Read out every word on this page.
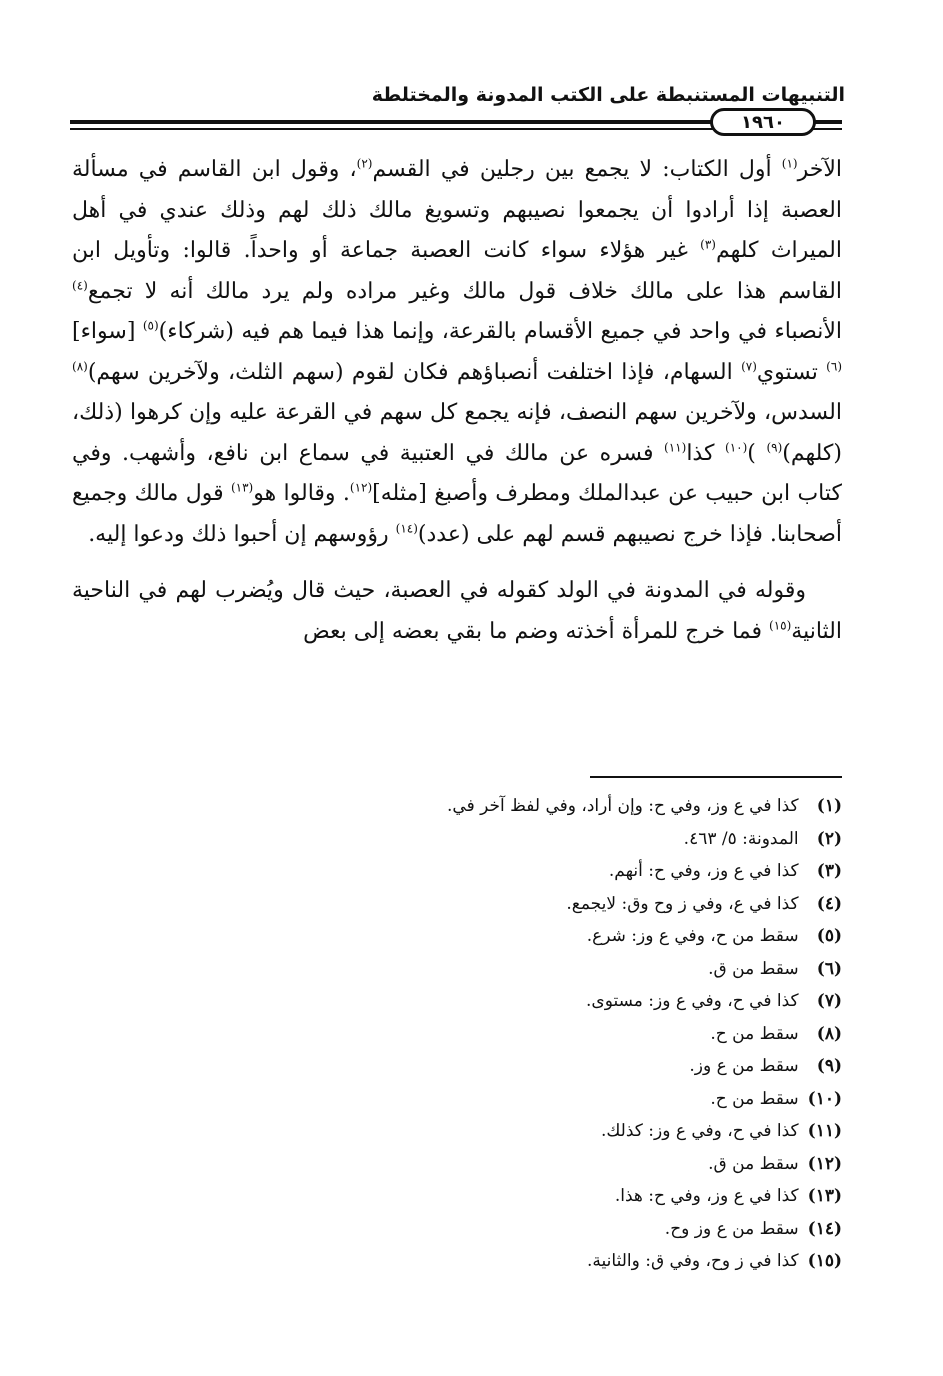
التنبيهات المستنبطة على الكتب المدونة والمختلطة
١٩٦٠

الآخر$^{(١)}$ أول الكتاب: لا يجمع بين رجلين في القسم$^{(٢)}$، وقول ابن القاسم في مسألة العصبة إذا أرادوا أن يجمعوا نصيبهم وتسويغ مالك ذلك لهم وذلك عندي في أهل الميراث كلهم$^{(٣)}$ غير هؤلاء سواء كانت العصبة جماعة أو واحداً. قالوا: وتأويل ابن القاسم هذا على مالك خلاف قول مالك وغير مراده ولم يرد مالك أنه لا تجمع$^{(٤)}$ الأنصباء في واحد في جميع الأقسام بالقرعة، وإنما هذا فيما هم فيه (شركاء)$^{(٥)}$ [سواء]$^{(٦)}$ تستوي$^{(٧)}$ السهام، فإذا اختلفت أنصباؤهم فكان لقوم (سهم الثلث، ولآخرين سهم)$^{(٨)}$ السدس، ولآخرين سهم النصف، فإنه يجمع كل سهم في القرعة عليه وإن كرهوا (ذلك، (كلهم)$^{(٩)}$ )$^{(١٠)}$ كذا$^{(١١)}$ فسره عن مالك في العتبية في سماع ابن نافع، وأشهب. وفي كتاب ابن حبيب عن عبدالملك ومطرف وأصبغ [مثله]$^{(١٢)}$. وقالوا هو$^{(١٣)}$ قول مالك وجميع أصحابنا. فإذا خرج نصيبهم قسم لهم على (عدد)$^{(١٤)}$ رؤوسهم إن أحبوا ذلك ودعوا إليه.

وقوله في المدونة في الولد كقوله في العصبة، حيث قال ويُضرب لهم في الناحية الثانية$^{(١٥)}$ فما خرج للمرأة أخذته وضم ما بقي بعضه إلى بعض

(١) كذا في ع وز، وفي ح: وإن أراد، وفي لفظ آخر في.
(٢) المدونة: ٥/ ٤٦٣.
(٣) كذا في ع وز، وفي ح: أنهم.
(٤) كذا في ع، وفي ز وح وق: لايجمع.
(٥) سقط من ح، وفي ع وز: شرع.
(٦) سقط من ق.
(٧) كذا في ح، وفي ع وز: مستوى.
(٨) سقط من ح.
(٩) سقط من ع وز.
(١٠) سقط من ح.
(١١) كذا في ح، وفي ع وز: كذلك.
(١٢) سقط من ق.
(١٣) كذا في ع وز، وفي ح: هذا.
(١٤) سقط من ع وز وح.
(١٥) كذا في ز وح، وفي ق: والثانية.
